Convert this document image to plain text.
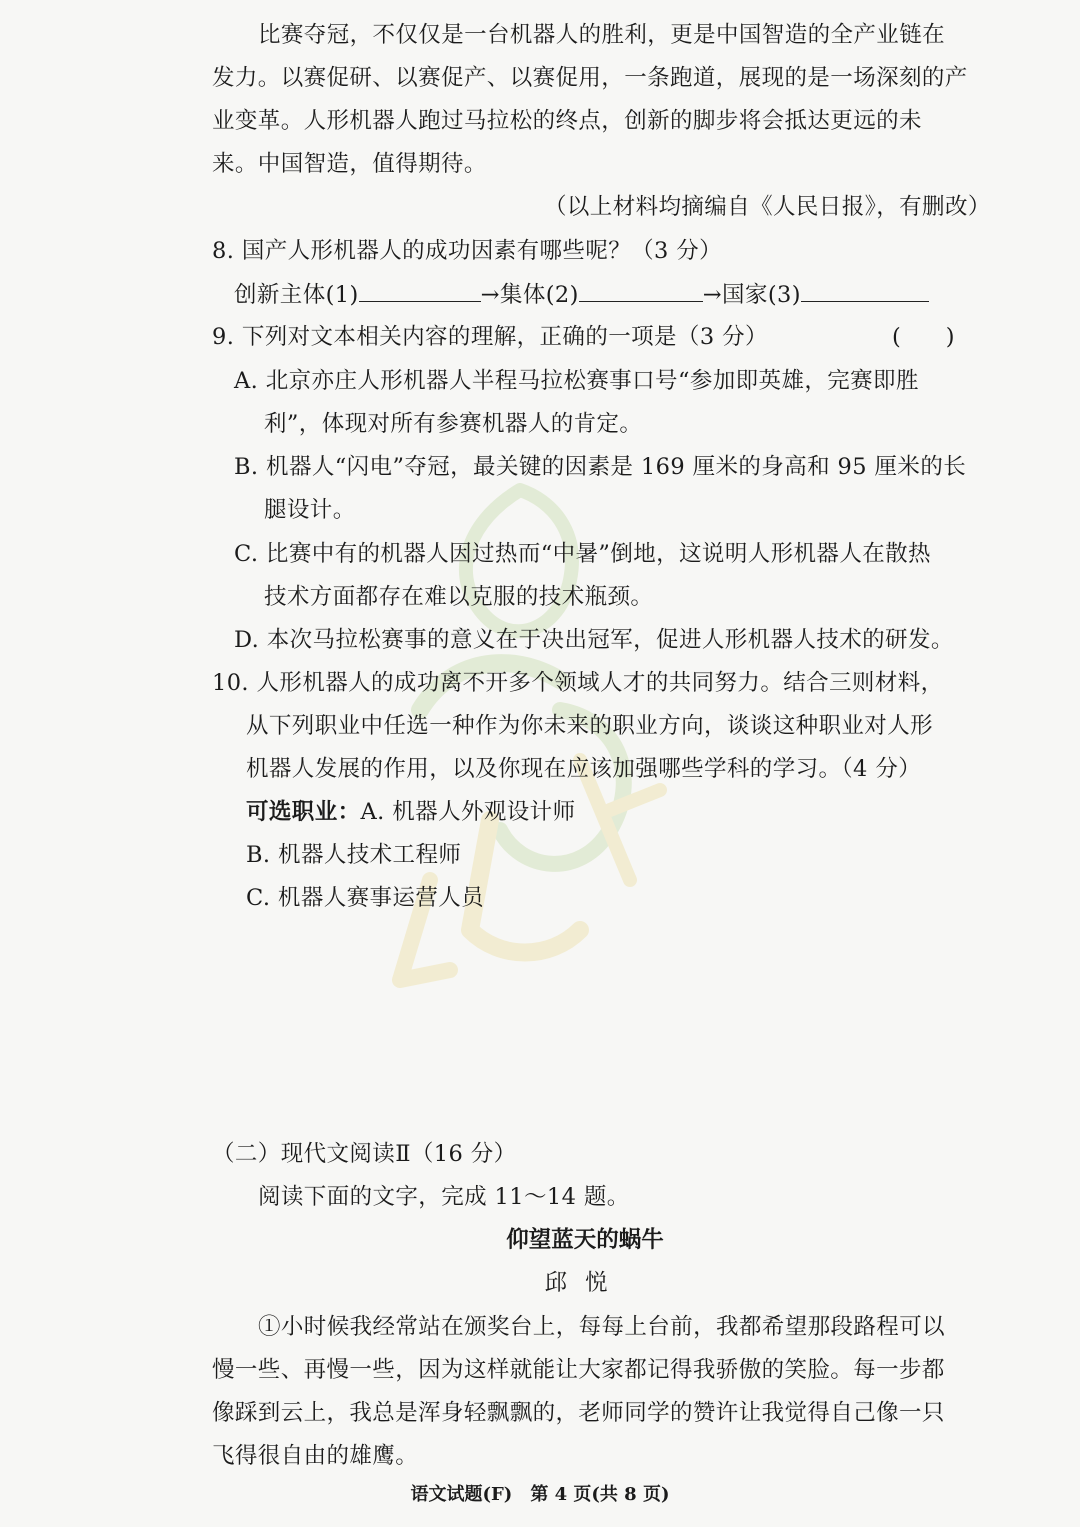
比赛夺冠，不仅仅是一台机器人的胜利，更是中国智造的全产业链在
发力。以赛促研、以赛促产、以赛促用，一条跑道，展现的是一场深刻的产
业变革。人形机器人跑过马拉松的终点，创新的脚步将会抵达更远的未
来。中国智造，值得期待。
（以上材料均摘编自《人民日报》，有删改）
8. 国产人形机器人的成功因素有哪些呢？（3 分）
创新主体(1)	→集体(2)	→国家(3)
9. 下列对文本相关内容的理解，正确的一项是（3 分）	(　　)
A. 北京亦庄人形机器人半程马拉松赛事口号“参加即英雄，完赛即胜
利”，体现对所有参赛机器人的肯定。
B. 机器人“闪电”夺冠，最关键的因素是 169 厘米的身高和 95 厘米的长
腿设计。
C. 比赛中有的机器人因过热而“中暑”倒地，这说明人形机器人在散热
技术方面都存在难以克服的技术瓶颈。
D. 本次马拉松赛事的意义在于决出冠军，促进人形机器人技术的研发。
10. 人形机器人的成功离不开多个领域人才的共同努力。结合三则材料，
从下列职业中任选一种作为你未来的职业方向，谈谈这种职业对人形
机器人发展的作用，以及你现在应该加强哪些学科的学习。（4 分）
可选职业：A. 机器人外观设计师
B. 机器人技术工程师
C. 机器人赛事运营人员
（二）现代文阅读Ⅱ（16 分）
阅读下面的文字，完成 11～14 题。
仰望蓝天的蜗牛
邱悦
①小时候我经常站在颁奖台上，每每上台前，我都希望那段路程可以
慢一些、再慢一些，因为这样就能让大家都记得我骄傲的笑脸。每一步都
像踩到云上，我总是浑身轻飘飘的，老师同学的赞许让我觉得自己像一只
飞得很自由的雄鹰。
语文试题(F)　第 4 页(共 8 页)
